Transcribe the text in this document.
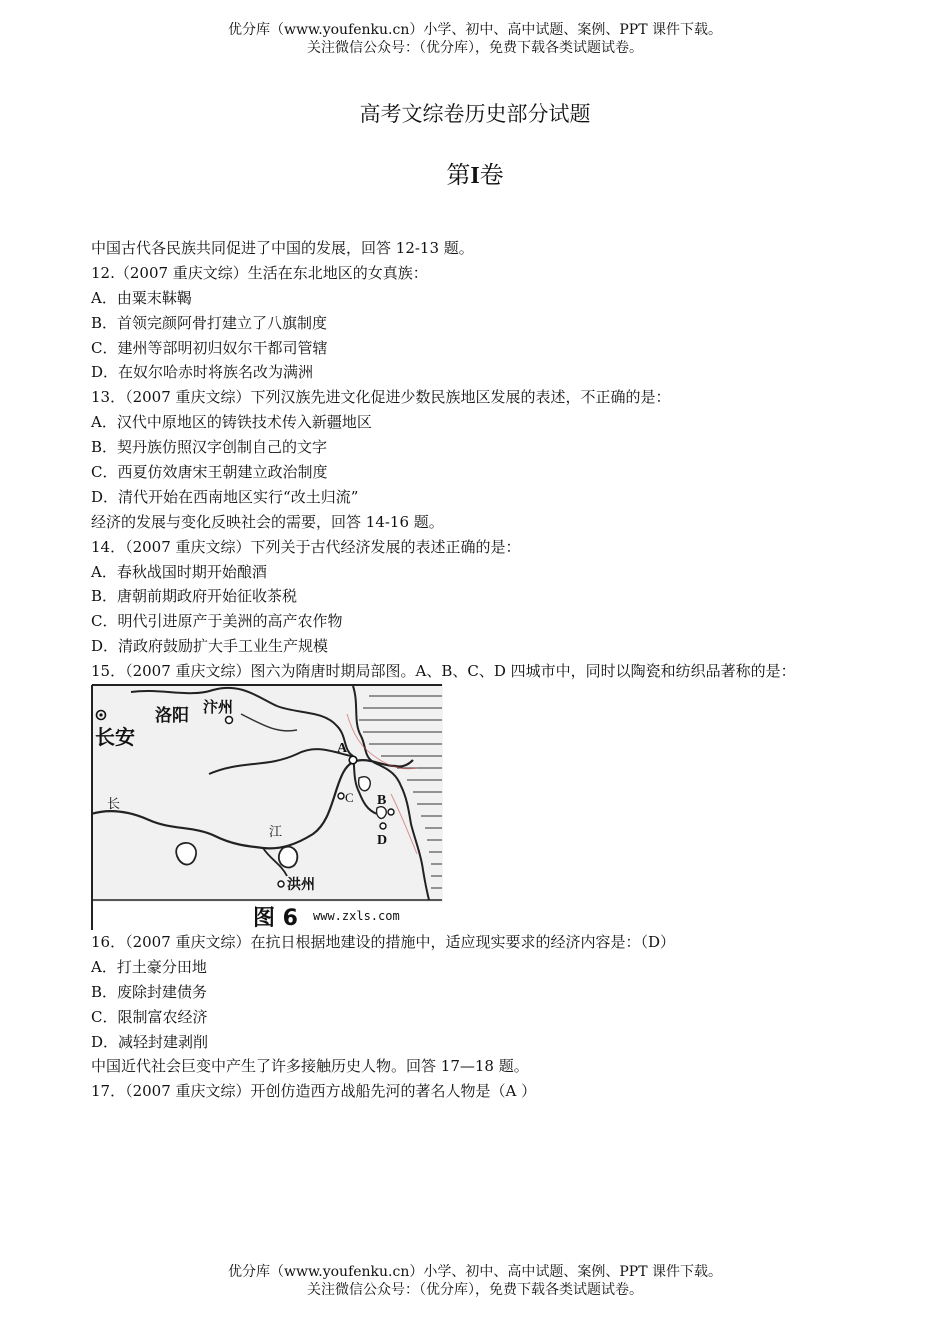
优分库（www.youfenku.cn）小学、初中、高中试题、案例、PPT 课件下载。
关注微信公众号：（优分库），免费下载各类试题试卷。
高考文综卷历史部分试题
第I卷
中国古代各民族共同促进了中国的发展，回答 12-13 题。
12.（2007 重庆文综）生活在东北地区的女真族：
A．由粟末靺鞨
B．首领完颜阿骨打建立了八旗制度
C．建州等部明初归奴尔干都司管辖
D．在奴尔哈赤时将族名改为满洲
13．（2007 重庆文综）下列汉族先进文化促进少数民族地区发展的表述，不正确的是：
A．汉代中原地区的铸铁技术传入新疆地区
B．契丹族仿照汉字创制自己的文字
C．西夏仿效唐宋王朝建立政治制度
D．清代开始在西南地区实行“改土归流”
经济的发展与变化反映社会的需要，回答 14-16 题。
14．（2007 重庆文综）下列关于古代经济发展的表述正确的是：
A．春秋战国时期开始酿酒
B．唐朝前期政府开始征收茶税
C．明代引进原产于美洲的高产农作物
D．清政府鼓励扩大手工业生产规模
15．（2007 重庆文综）图六为隋唐时期局部图。A、B、C、D 四城市中，同时以陶瓷和纺织品著称的是：
洛阳 汴州
长安
长
江
洪州
A
B
C
D
图 6 www.zxls.com
16．（2007 重庆文综）在抗日根据地建设的措施中，适应现实要求的经济内容是：（D）
A．打土豪分田地
B．废除封建债务
C．限制富农经济
D．减轻封建剥削
中国近代社会巨变中产生了许多接触历史人物。回答 17—18 题。
17．（2007 重庆文综）开创仿造西方战船先河的著名人物是（A ）
优分库（www.youfenku.cn）小学、初中、高中试题、案例、PPT 课件下载。
关注微信公众号：（优分库），免费下载各类试题试卷。
